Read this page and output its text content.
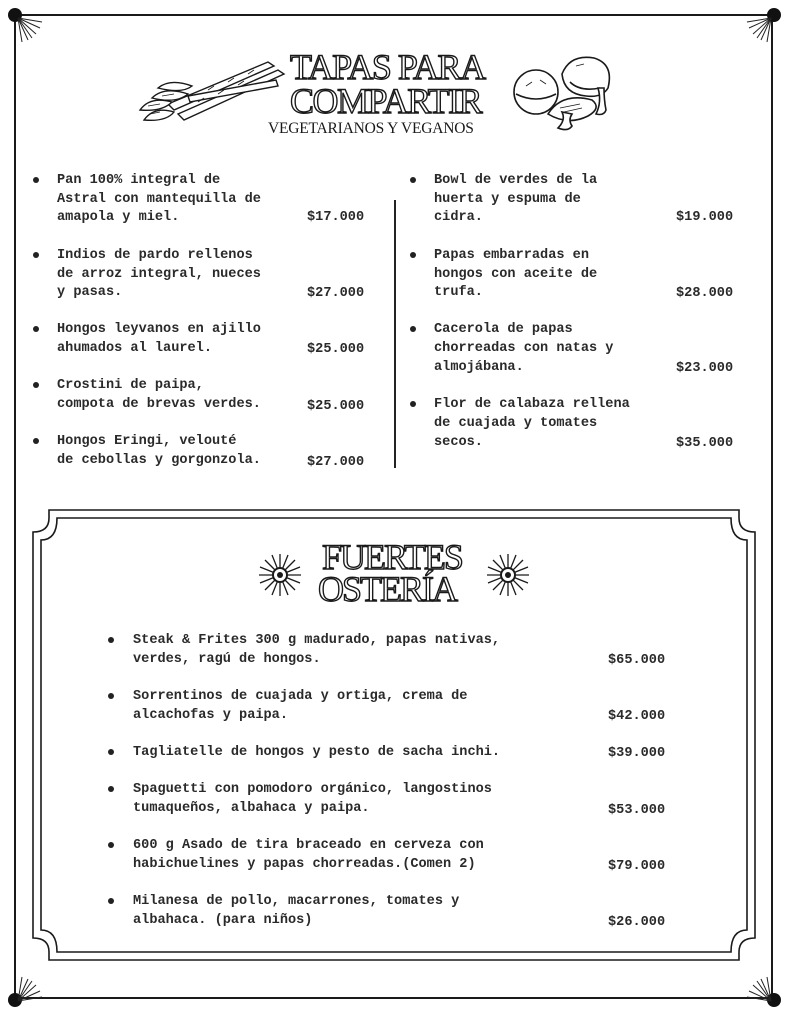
TAPAS PARA
COMPARTIR
VEGETARIANOS Y VEGANOS
Pan 100% integral de
Astral con mantequilla de
amapola y miel.	$17.000
Indios de pardo rellenos
de arroz integral, nueces
y pasas.	$27.000
Hongos leyvanos en ajillo
ahumados al laurel.	$25.000
Crostini de paipa,
compota de brevas verdes.	$25.000
Hongos Eringi, velouté
de cebollas y gorgonzola.	$27.000
Bowl de verdes de la
huerta y espuma de
cidra.	$19.000
Papas embarradas en
hongos con aceite de
trufa.	$28.000
Cacerola de papas
chorreadas con natas y
almojábana.	$23.000
Flor de calabaza rellena
de cuajada y tomates
secos.	$35.000
FUERTES
OSTERÍA
Steak & Frites 300 g madurado, papas nativas,
verdes, ragú de hongos.	$65.000
Sorrentinos de cuajada y ortiga, crema de
alcachofas y paipa.	$42.000
Tagliatelle de hongos y pesto de sacha inchi.	$39.000
Spaguetti con pomodoro orgánico, langostinos
tumaqueños, albahaca y paipa.	$53.000
600 g Asado de tira braceado en cerveza con
habichuelines y papas chorreadas.(Comen 2)	$79.000
Milanesa de pollo, macarrones, tomates y
albahaca. (para niños)	$26.000
